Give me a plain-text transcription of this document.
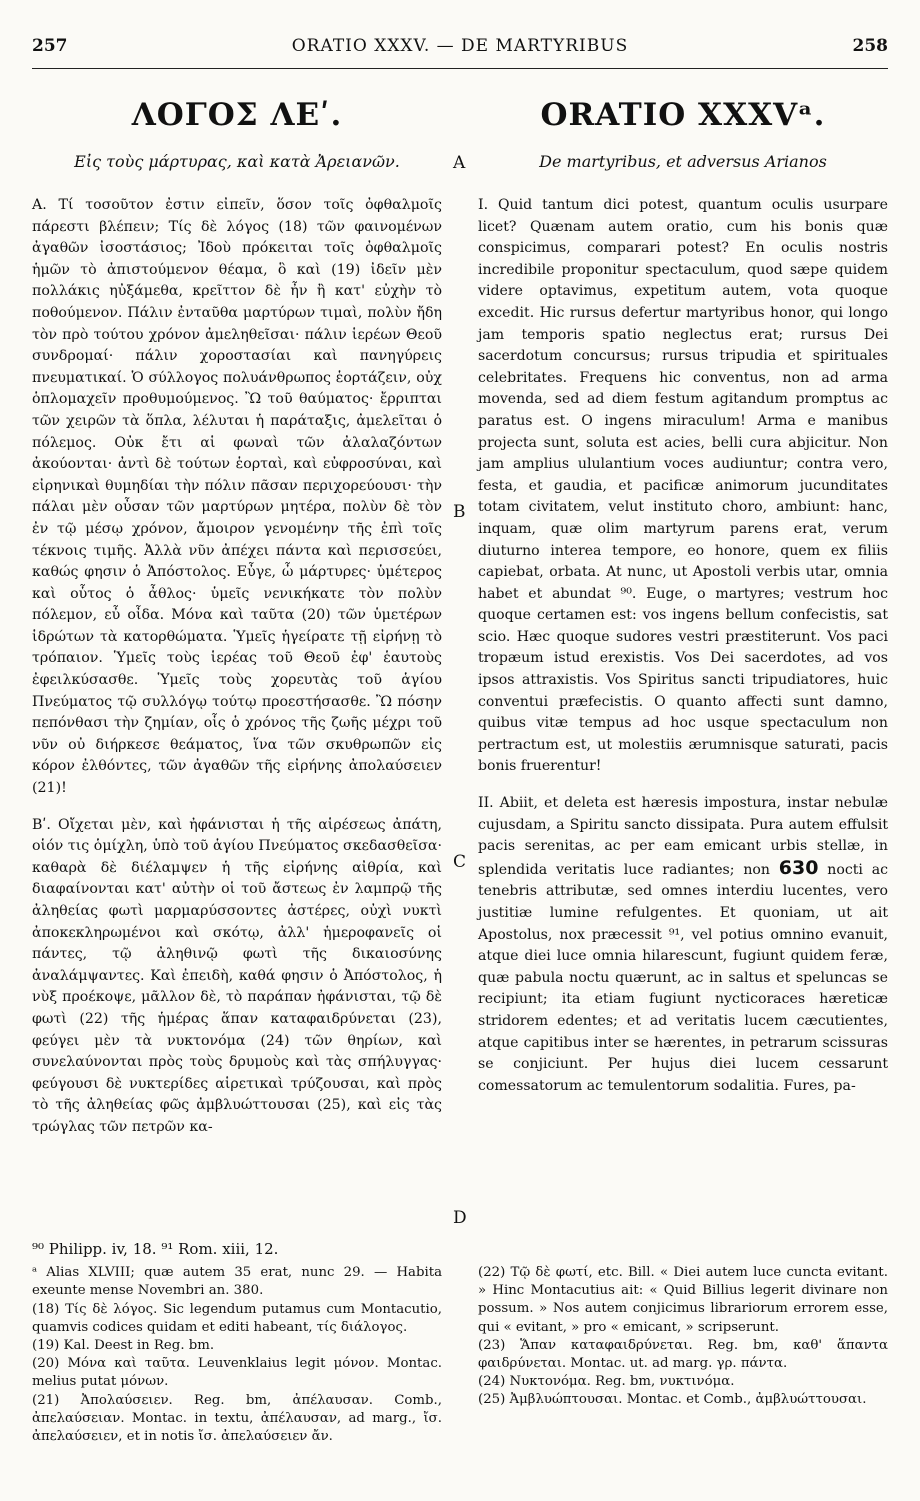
257	ORATIO XXXV. — DE MARTYRIBUS	258
ΛΟΓΟΣ ΛΕʹ.
Εἰς τοὺς μάρτυρας, καὶ κατὰ Ἀρειανῶν.

Α. Τί τοσοῦτον ἐστιν εἰπεῖν, ὅσον τοῖς ὀφθαλμοῖς πάρεστι βλέπειν; Τίς δὲ λόγος (18) τῶν φαινομένων ἀγαθῶν ἰσοστάσιος; Ἰδοὺ πρόκειται τοῖς ὀφθαλμοῖς ἡμῶν τὸ ἀπιστούμενον θέαμα, ὃ καὶ (19) ἰδεῖν μὲν πολλάκις ηὐξάμεθα, κρεῖττον δὲ ἦν ἢ κατ' εὐχὴν τὸ ποθούμενον. Πάλιν ἐνταῦθα μαρτύρων τιμαὶ, πολὺν ἤδη τὸν πρὸ τούτου χρόνον ἀμεληθεῖσαι· πάλιν ἱερέων Θεοῦ συνδρομαί· πάλιν χοροστασίαι καὶ πανηγύρεις πνευματικαί. Ὁ σύλλογος πολυάνθρωπος ἑορτάζειν, οὐχ ὁπλομαχεῖν προθυμούμενος. Ὢ τοῦ θαύματος· ἔρριπται τῶν χειρῶν τὰ ὅπλα, λέλυται ἡ παράταξις, ἀμελεῖται ὁ πόλεμος. Οὐκ ἔτι αἱ φωναὶ τῶν ἀλαλαζόντων ἀκούονται· ἀντὶ δὲ τούτων ἑορταὶ, καὶ εὐφροσύναι, καὶ εἰρηνικαὶ θυμηδίαι τὴν πόλιν πᾶσαν περιχορεύουσι· τὴν πάλαι μὲν οὖσαν τῶν μαρτύρων μητέρα, πολὺν δὲ τὸν ἐν τῷ μέσῳ χρόνον, ἄμοιρον γενομένην τῆς ἐπὶ τοῖς τέκνοις τιμῆς. Ἀλλὰ νῦν ἀπέχει πάντα καὶ περισσεύει, καθώς φησιν ὁ Ἀπόστολος. Εὖγε, ὦ μάρτυρες· ὑμέτερος καὶ οὗτος ὁ ἆθλος· ὑμεῖς νενικήκατε τὸν πολὺν πόλεμον, εὖ οἶδα. Μόνα καὶ ταῦτα (20) τῶν ὑμετέρων ἱδρώτων τὰ κατορθώματα. Ὑμεῖς ἡγείρατε τῇ εἰρήνῃ τὸ τρόπαιον. Ὑμεῖς τοὺς ἱερέας τοῦ Θεοῦ ἐφ' ἑαυτοὺς ἐφειλκύσασθε. Ὑμεῖς τοὺς χορευτὰς τοῦ ἁγίου Πνεύματος τῷ συλλόγῳ τούτῳ προεστήσασθε. Ὢ πόσην πεπόνθασι τὴν ζημίαν, οἷς ὁ χρόνος τῆς ζωῆς μέχρι τοῦ νῦν οὐ διήρκεσε θεάματος, ἵνα τῶν σκυθρωπῶν εἰς κόρον ἐλθόντες, τῶν ἀγαθῶν τῆς εἰρήνης ἀπολαύσειεν (21)!

Βʹ. Οἴχεται μὲν, καὶ ἠφάνισται ἡ τῆς αἱρέσεως ἀπάτη, οἱόν τις ὁμίχλη, ὑπὸ τοῦ ἁγίου Πνεύματος σκεδασθεῖσα· καθαρὰ δὲ διέλαμψεν ἡ τῆς εἰρήνης αἰθρία, καὶ διαφαίνονται κατ' αὐτὴν οἱ τοῦ ἄστεως ἐν λαμπρῷ τῆς ἀληθείας φωτὶ μαρμαρύσσοντες ἀστέρες, οὐχὶ νυκτὶ ἀποκεκληρωμένοι καὶ σκότῳ, ἀλλ' ἡμεροφανεῖς οἱ πάντες, τῷ ἀληθινῷ φωτὶ τῆς δικαιοσύνης ἀναλάμψαντες. Καὶ ἐπειδὴ, καθά φησιν ὁ Ἀπόστολος, ἡ νὺξ προέκοψε, μᾶλλον δὲ, τὸ παράπαν ἠφάνισται, τῷ δὲ φωτὶ (22) τῆς ἡμέρας ἅπαν καταφαιδρύνεται (23), φεύγει μὲν τὰ νυκτονόμα (24) τῶν θηρίων, καὶ συνελαύνονται πρὸς τοὺς δρυμοὺς καὶ τὰς σπήλυγγας· φεύγουσι δὲ νυκτερίδες αἱρετικαὶ τρύζουσαι, καὶ πρὸς τὸ τῆς ἀληθείας φῶς ἀμβλυώττουσαι (25), καὶ εἰς τὰς τρώγλας τῶν πετρῶν κα-

ORATIO XXXVᵃ.
De martyribus, et adversus Arianos

I. Quid tantum dici potest, quantum oculis usurpare licet? Quænam autem oratio, cum his bonis quæ conspicimus, comparari potest? En oculis nostris incredibile proponitur spectaculum, quod sæpe quidem videre optavimus, expetitum autem, vota quoque excedit. Hic rursus defertur martyribus honor, qui longo jam temporis spatio neglectus erat; rursus Dei sacerdotum concursus; rursus tripudia et spirituales celebritates. Frequens hic conventus, non ad arma movenda, sed ad diem festum agitandum promptus ac paratus est. O ingens miraculum! Arma e manibus projecta sunt, soluta est acies, belli cura abjicitur. Non jam amplius ululantium voces audiuntur; contra vero, festa, et gaudia, et pacificæ animorum jucunditates totam civitatem, velut instituto choro, ambiunt: hanc, inquam, quæ olim martyrum parens erat, verum diuturno interea tempore, eo honore, quem ex filiis capiebat, orbata. At nunc, ut Apostoli verbis utar, omnia habet et abundat ⁹⁰. Euge, o martyres; vestrum hoc quoque certamen est: vos ingens bellum confecistis, sat scio. Hæc quoque sudores vestri præstiterunt. Vos paci tropæum istud erexistis. Vos Dei sacerdotes, ad vos ipsos attraxistis. Vos Spiritus sancti tripudiatores, huic conventui præfecistis. O quanto affecti sunt damno, quibus vitæ tempus ad hoc usque spectaculum non pertractum est, ut molestiis ærumnisque saturati, pacis bonis fruerentur!

II. Abiit, et deleta est hæresis impostura, instar nebulæ cujusdam, a Spiritu sancto dissipata. Pura autem effulsit pacis serenitas, ac per eam emicant urbis stellæ, in splendida veritatis luce radiantes; non 630 nocti ac tenebris attributæ, sed omnes interdiu lucentes, vero justitiæ lumine refulgentes. Et quoniam, ut ait Apostolus, nox præcessit ⁹¹, vel potius omnino evanuit, atque diei luce omnia hilarescunt, fugiunt quidem feræ, quæ pabula noctu quærunt, ac in saltus et speluncas se recipiunt; ita etiam fugiunt nycticoraces hæreticæ stridorem edentes; et ad veritatis lucem cæcutientes, atque capitibus inter se hærentes, in petrarum scissuras se conjiciunt. Per hujus diei lucem cessarunt comessatorum ac temulentorum sodalitia. Fures, pa-

A
B
C
D

⁹⁰ Philipp. iv, 18. ⁹¹ Rom. xiii, 12.

ᵃ Alias XLVIII; quæ autem 35 erat, nunc 29. — Habita exeunte mense Novembri an. 380.

(18) Τίς δὲ λόγος. Sic legendum putamus cum Montacutio, quamvis codices quidam et editi habeant, τίς διάλογος.

(19) Kal. Deest in Reg. bm.

(20) Μόνα καὶ ταῦτα. Leuvenklaius legit μόνον. Montac. melius putat μόνων.

(21) Ἀπολαύσειεν. Reg. bm, ἀπέλαυσαν. Comb., ἀπελαύσειαν. Montac. in textu, ἀπέλαυσαν, ad marg., ἴσ. ἀπελαύσειεν, et in notis ἴσ. ἀπελαύσειεν ἄν.

(22) Τῷ δὲ φωτί, etc. Bill. « Diei autem luce cuncta evitant. » Hinc Montacutius ait: « Quid Billius legerit divinare non possum. » Nos autem conjicimus librariorum errorem esse, qui « evitant, » pro « emicant, » scripserunt.

(23) Ἅπαν καταφαιδρύνεται. Reg. bm, καθ' ἅπαντα φαιδρύνεται. Montac. ut. ad marg. γρ. πάντα.

(24) Νυκτονόμα. Reg. bm, νυκτινόμα.

(25) Ἀμβλυώπτουσαι. Montac. et Comb., ἀμβλυώττουσαι.
